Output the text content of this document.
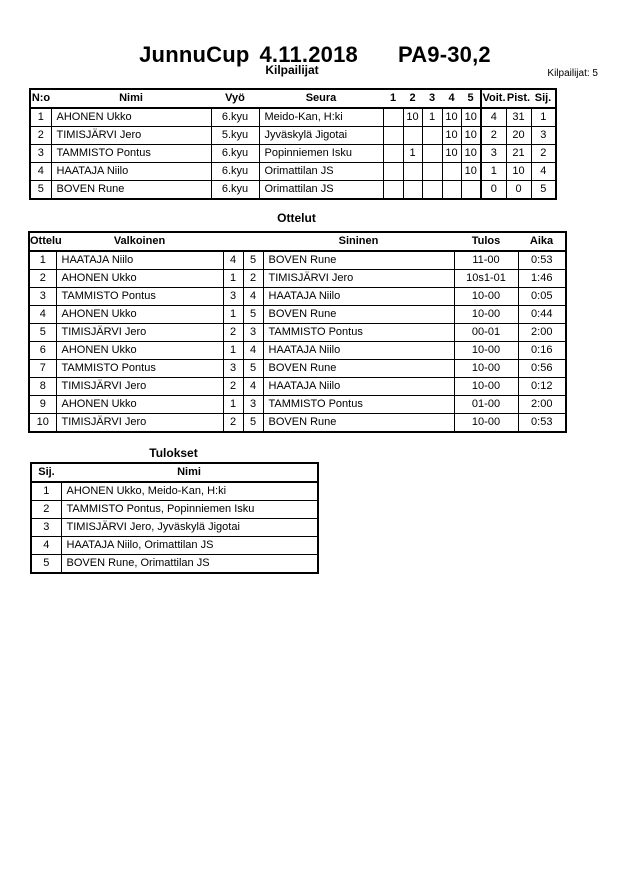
JunnuCup 4.11.2018 PA9-30,2
Kilpailijat	Kilpailijat: 5
N:o	Nimi	Vyö	Seura	1	2	3	4	5	Voit.	Pist.	Sij.
1	AHONEN Ukko	6.kyu	Meido-Kan, H:ki		10	1	10	10	4	31	1
2	TIMISJÄRVI Jero	5.kyu	Jyväskylä Jigotai				10	10	2	20	3
3	TAMMISTO Pontus	6.kyu	Popinniemen Isku		1		10	10	3	21	2
4	HAATAJA Niilo	6.kyu	Orimattilan JS					10	1	10	4
5	BOVEN Rune	6.kyu	Orimattilan JS						0	0	5
Ottelut
Ottelu	Valkoinen			Sininen	Tulos	Aika
1	HAATAJA Niilo	4	5	BOVEN Rune	11-00	0:53
2	AHONEN Ukko	1	2	TIMISJÄRVI Jero	10s1-01	1:46
3	TAMMISTO Pontus	3	4	HAATAJA Niilo	10-00	0:05
4	AHONEN Ukko	1	5	BOVEN Rune	10-00	0:44
5	TIMISJÄRVI Jero	2	3	TAMMISTO Pontus	00-01	2:00
6	AHONEN Ukko	1	4	HAATAJA Niilo	10-00	0:16
7	TAMMISTO Pontus	3	5	BOVEN Rune	10-00	0:56
8	TIMISJÄRVI Jero	2	4	HAATAJA Niilo	10-00	0:12
9	AHONEN Ukko	1	3	TAMMISTO Pontus	01-00	2:00
10	TIMISJÄRVI Jero	2	5	BOVEN Rune	10-00	0:53
Tulokset
Sij.	Nimi
1	AHONEN Ukko, Meido-Kan, H:ki
2	TAMMISTO Pontus, Popinniemen Isku
3	TIMISJÄRVI Jero, Jyväskylä Jigotai
4	HAATAJA Niilo, Orimattilan JS
5	BOVEN Rune, Orimattilan JS
